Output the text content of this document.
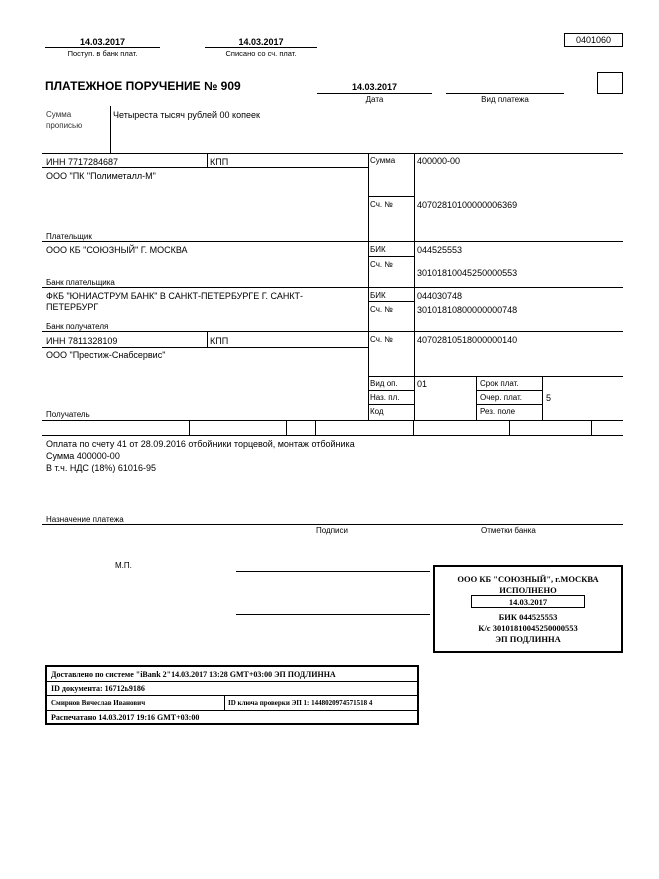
0401060
14.03.2017
Поступ. в банк плат.
14.03.2017
Списано со сч. плат.
ПЛАТЕЖНОЕ ПОРУЧЕНИЕ № 909	14.03.2017
Дата	Вид платежа
Сумма
прописью
Четыреста тысяч рублей 00 копеек
ИНН 7717284687	КПП
ООО "ПК "Полиметалл-М"
Плательщик
Сумма 400000-00
Сч. №	40702810100000006369
ООО КБ "СОЮЗНЫЙ" Г. МОСКВА
Банк плательщика
БИК	044525553
Сч. №
30101810045250000553
ФКБ "ЮНИАСТРУМ БАНК" В САНКТ-ПЕТЕРБУРГЕ Г. САНКТ-
ПЕТЕРБУРГ
Банк получателя
БИК	044030748
Сч. №	30101810800000000748
ИНН 7811328109	КПП
ООО "Престиж-Снабсервис"
Получатель
Сч. №	40702810518000000140
Вид оп. 01
Наз. пл.
Код
Срок плат.
Очер. плат.	5
Рез. поле
Оплата по счету 41 от 28.09.2016 отбойники торцевой, монтаж отбойника
Сумма 400000-00
В т.ч. НДС (18%) 61016-95
Назначение платежа
Подписи	Отметки банка
М.П.
ООО КБ "СОЮЗНЫЙ", г.МОСКВА
ИСПОЛНЕНО
14.03.2017
БИК 044525553
К/с 30101810045250000553
ЭП ПОДЛИННА
Доставлено по системе "iBank 2"14.03.2017 13:28 GMT+03:00 ЭП ПОДЛИННА
ID документа: 16712ь9186
Смирнов Вячеслав Иванович	ID ключа проверки ЭП 1: 1448020974571518 4
Распечатано 14.03.2017 19:16 GMT+03:00
